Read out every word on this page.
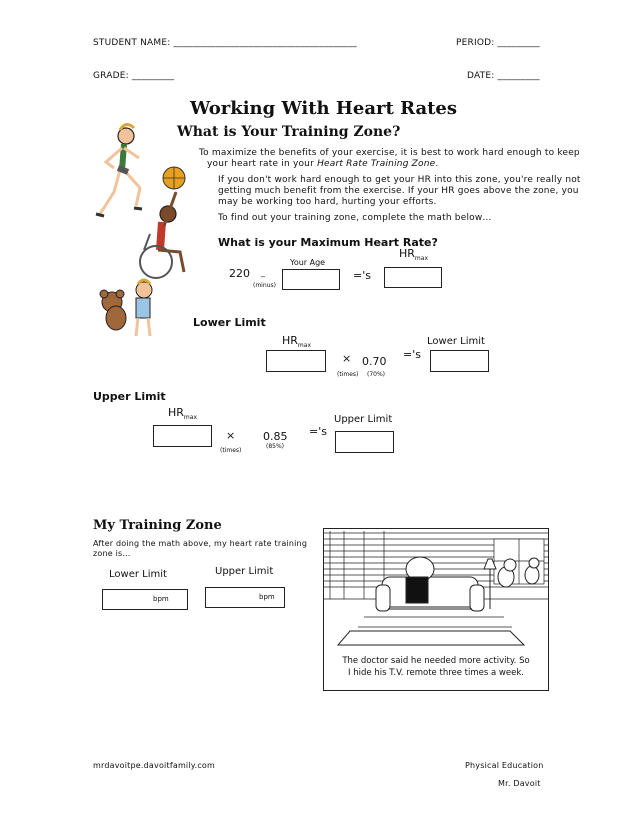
STUDENT NAME: _______________________________________	PERIOD: _________
GRADE: _________	DATE: _________
Working With Heart Rates
What is Your Training Zone?
To maximize the benefits of your exercise, it is best to work hard enough to keep
your heart rate in your Heart Rate Training Zone.
If you don't work hard enough to get your HR into this zone, you're really not
getting much benefit from the exercise. If your HR goes above the zone, you
may be working too hard, hurting your efforts.
To find out your training zone, complete the math below…
What is your Maximum Heart Rate?
$HR_{max}$
220 _
(minus)
Your Age
='s
Lower Limit
$HR_{max}$
×
(times)
0.70
(70%)
='s
Lower Limit
Upper Limit
$HR_{max}$
×
(times)
0.85
(85%)
='s
Upper Limit
My Training Zone
After doing the math above, my heart rate training
zone is…
Lower Limit	Upper Limit
bpm	bpm
The doctor said he needed more activity. So
I hide his T.V. remote three times a week.
mrdavoitpe.davoitfamily.com	Physical Education
Mr. Davoit
